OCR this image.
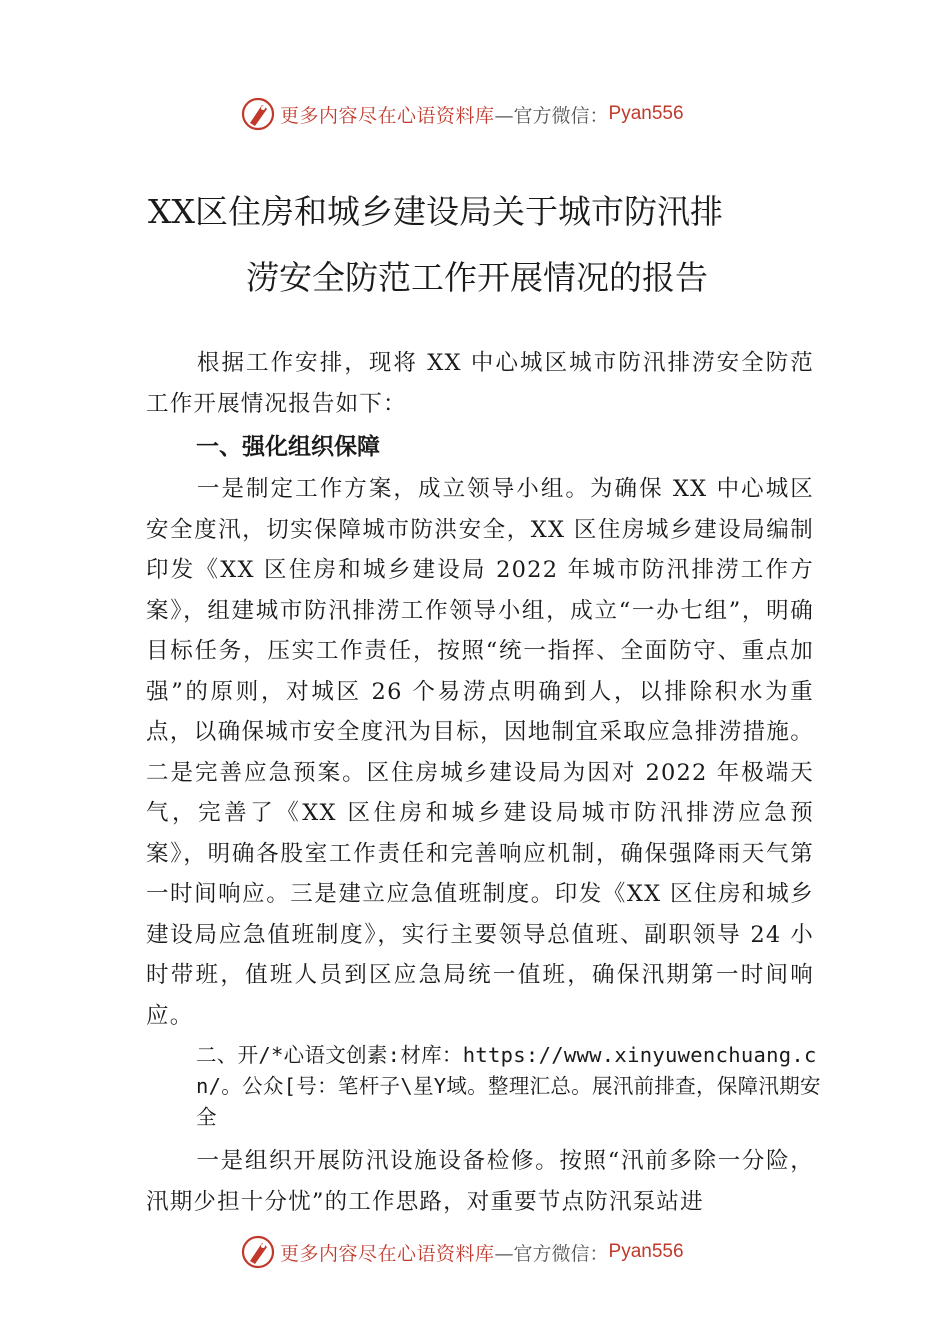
更多内容尽在心语资料库 —官方微信： Pyan556
XX区住房和城乡建设局关于城市防汛排
涝安全防范工作开展情况的报告

根据工作安排，现将 XX 中心城区城市防汛排涝安全防范工作开展情况报告如下：

一、强化组织保障

一是制定工作方案，成立领导小组。为确保 XX 中心城区安全度汛，切实保障城市防洪安全，XX 区住房城乡建设局编制印发《XX 区住房和城乡建设局 2022 年城市防汛排涝工作方案》，组建城市防汛排涝工作领导小组，成立“一办七组”，明确目标任务，压实工作责任，按照“统一指挥、全面防守、重点加强”的原则，对城区 26 个易涝点明确到人，以排除积水为重点，以确保城市安全度汛为目标，因地制宜采取应急排涝措施。二是完善应急预案。区住房城乡建设局为因对 2022 年极端天气，完善了《XX 区住房和城乡建设局城市防汛排涝应急预案》，明确各股室工作责任和完善响应机制，确保强降雨天气第一时间响应。三是建立应急值班制度。印发《XX 区住房和城乡建设局应急值班制度》，实行主要领导总值班、副职领导 24 小时带班，值班人员到区应急局统一值班，确保汛期第一时间响应。

二、开/*心语文创素:材库：https://www.xinyuwenchuang.cn/。公众[号：笔杆子\星Y域。整理汇总。展汛前排查，保障汛期安全

一是组织开展防汛设施设备检修。按照“汛前多除一分险，汛期少担十分忧”的工作思路，对重要节点防汛泵站进

更多内容尽在心语资料库 —官方微信： Pyan556
